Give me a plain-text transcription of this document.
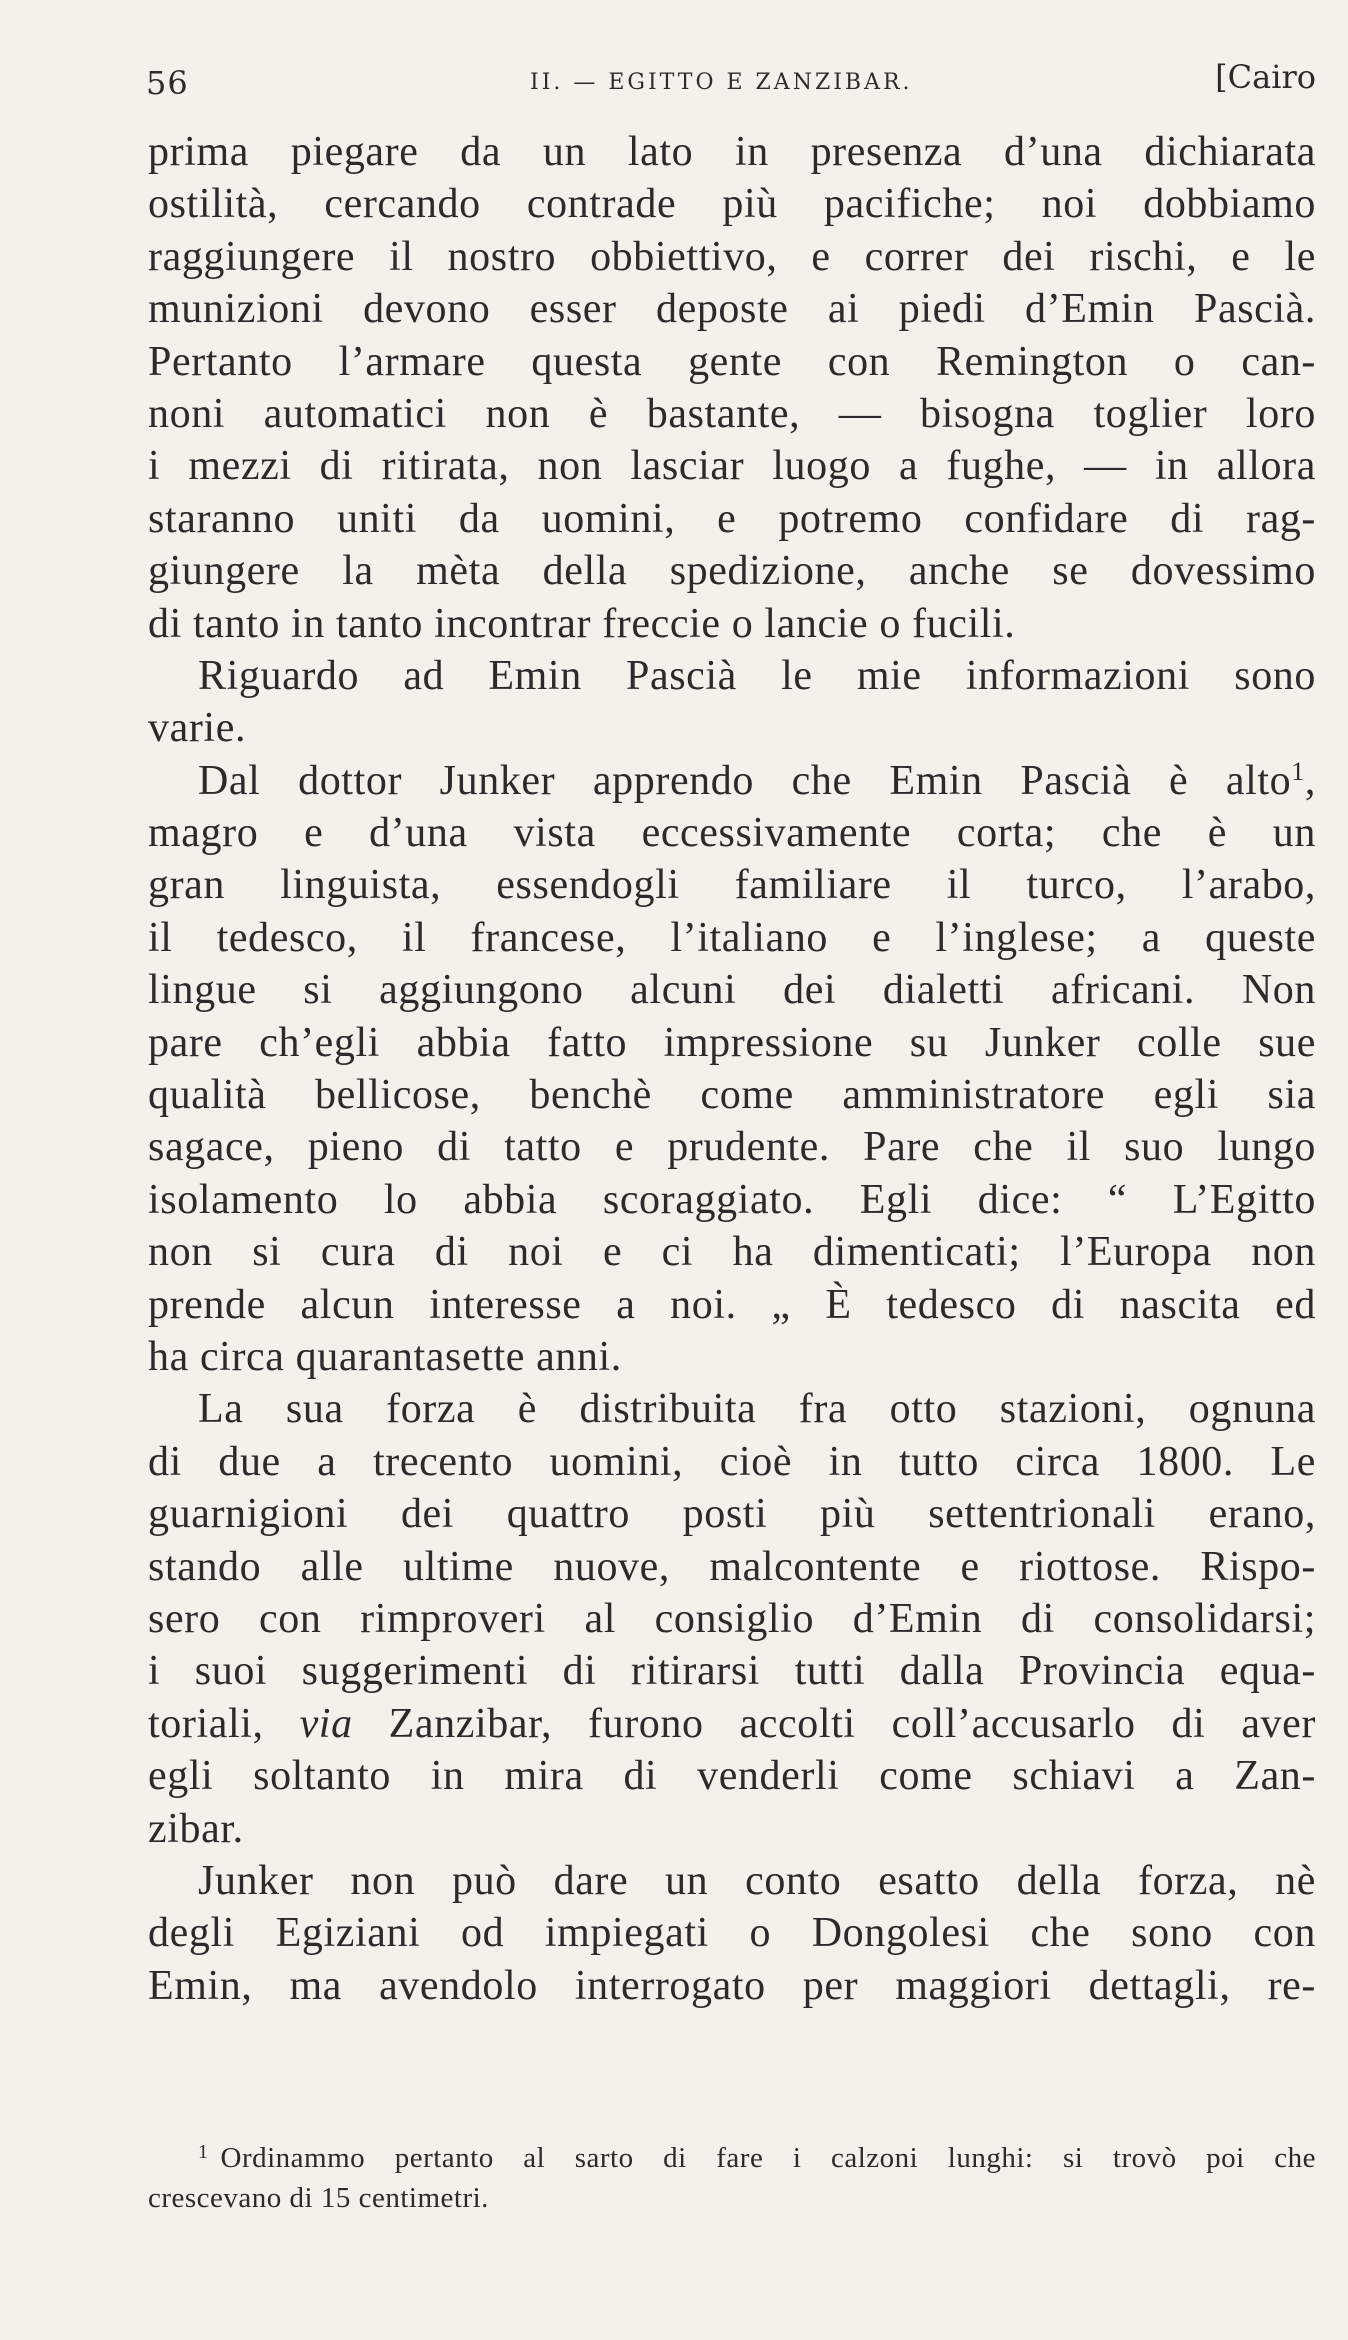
56	II. — EGITTO E ZANZIBAR.	[Cairo
prima piegare da un lato in presenza d’una dichiarata
ostilità, cercando contrade più pacifiche; noi dobbiamo
raggiungere il nostro obbiettivo, e correr dei rischi, e le
munizioni devono esser deposte ai piedi d’Emin Pascià.
Pertanto l’armare questa gente con Remington o can-
noni automatici non è bastante, — bisogna toglier loro
i mezzi di ritirata, non lasciar luogo a fughe, — in allora
staranno uniti da uomini, e potremo confidare di rag-
giungere la mèta della spedizione, anche se dovessimo
di tanto in tanto incontrar freccie o lancie o fucili.
Riguardo ad Emin Pascià le mie informazioni sono
varie.
Dal dottor Junker apprendo che Emin Pascià è alto$^1$,
magro e d’una vista eccessivamente corta; che è un
gran linguista, essendogli familiare il turco, l’arabo,
il tedesco, il francese, l’italiano e l’inglese; a queste
lingue si aggiungono alcuni dei dialetti africani. Non
pare ch’egli abbia fatto impressione su Junker colle sue
qualità bellicose, benchè come amministratore egli sia
sagace, pieno di tatto e prudente. Pare che il suo lungo
isolamento lo abbia scoraggiato. Egli dice: “ L’Egitto
non si cura di noi e ci ha dimenticati; l’Europa non
prende alcun interesse a noi. „ È tedesco di nascita ed
ha circa quarantasette anni.
La sua forza è distribuita fra otto stazioni, ognuna
di due a trecento uomini, cioè in tutto circa 1800. Le
guarnigioni dei quattro posti più settentrionali erano,
stando alle ultime nuove, malcontente e riottose. Rispo-
sero con rimproveri al consiglio d’Emin di consolidarsi;
i suoi suggerimenti di ritirarsi tutti dalla Provincia equa-
toriali, via Zanzibar, furono accolti coll’accusarlo di aver
egli soltanto in mira di venderli come schiavi a Zan-
zibar.
Junker non può dare un conto esatto della forza, nè
degli Egiziani od impiegati o Dongolesi che sono con
Emin, ma avendolo interrogato per maggiori dettagli, re-
$^1$ Ordinammo pertanto al sarto di fare i calzoni lunghi: si trovò poi che
crescevano di 15 centimetri.
